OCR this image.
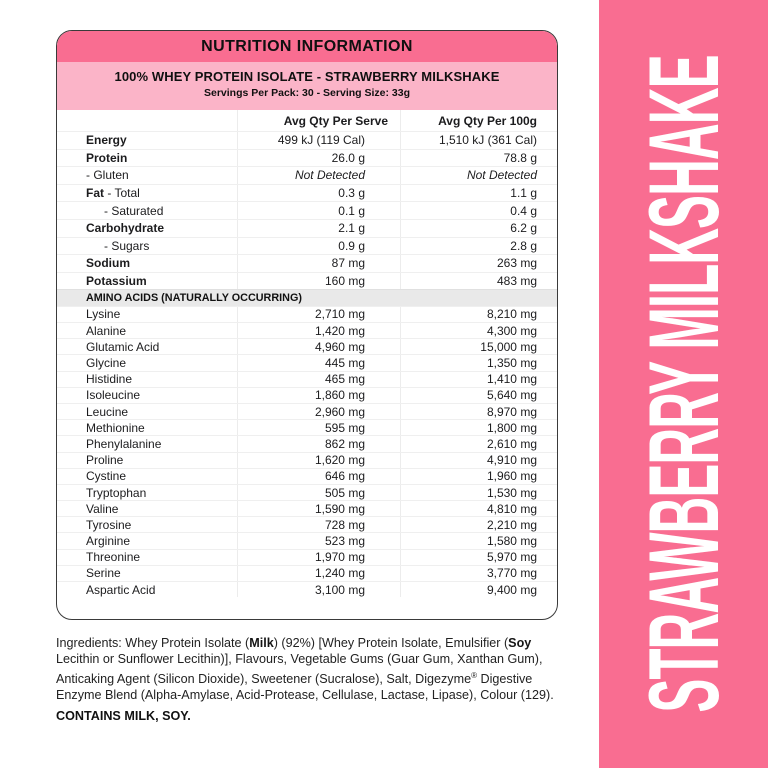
NUTRITION INFORMATION
100% WHEY PROTEIN ISOLATE - STRAWBERRY MILKSHAKE
Servings Per Pack: 30 - Serving Size: 33g
Avg Qty Per Serve	Avg Qty Per 100g
Energy	499 kJ (119 Cal)	1,510 kJ (361 Cal)
Protein	26.0 g	78.8 g
- Gluten	Not Detected	Not Detected
Fat - Total	0.3 g	1.1 g
- Saturated	0.1 g	0.4 g
Carbohydrate	2.1 g	6.2 g
- Sugars	0.9 g	2.8 g
Sodium	87 mg	263 mg
Potassium	160 mg	483 mg
AMINO ACIDS (NATURALLY OCCURRING)
Lysine	2,710 mg	8,210 mg
Alanine	1,420 mg	4,300 mg
Glutamic Acid	4,960 mg	15,000 mg
Glycine	445 mg	1,350 mg
Histidine	465 mg	1,410 mg
Isoleucine	1,860 mg	5,640 mg
Leucine	2,960 mg	8,970 mg
Methionine	595 mg	1,800 mg
Phenylalanine	862 mg	2,610 mg
Proline	1,620 mg	4,910 mg
Cystine	646 mg	1,960 mg
Tryptophan	505 mg	1,530 mg
Valine	1,590 mg	4,810 mg
Tyrosine	728 mg	2,210 mg
Arginine	523 mg	1,580 mg
Threonine	1,970 mg	5,970 mg
Serine	1,240 mg	3,770 mg
Aspartic Acid	3,100 mg	9,400 mg
Ingredients: Whey Protein Isolate (Milk) (92%) [Whey Protein Isolate, Emulsifier (Soy Lecithin or Sunflower Lecithin)], Flavours, Vegetable Gums (Guar Gum, Xanthan Gum), Anticaking Agent (Silicon Dioxide), Sweetener (Sucralose), Salt, Digezyme® Digestive Enzyme Blend (Alpha-Amylase, Acid-Protease, Cellulase, Lactase, Lipase), Colour (129).
CONTAINS MILK, SOY.
STRAWBERRY MILKSHAKE
